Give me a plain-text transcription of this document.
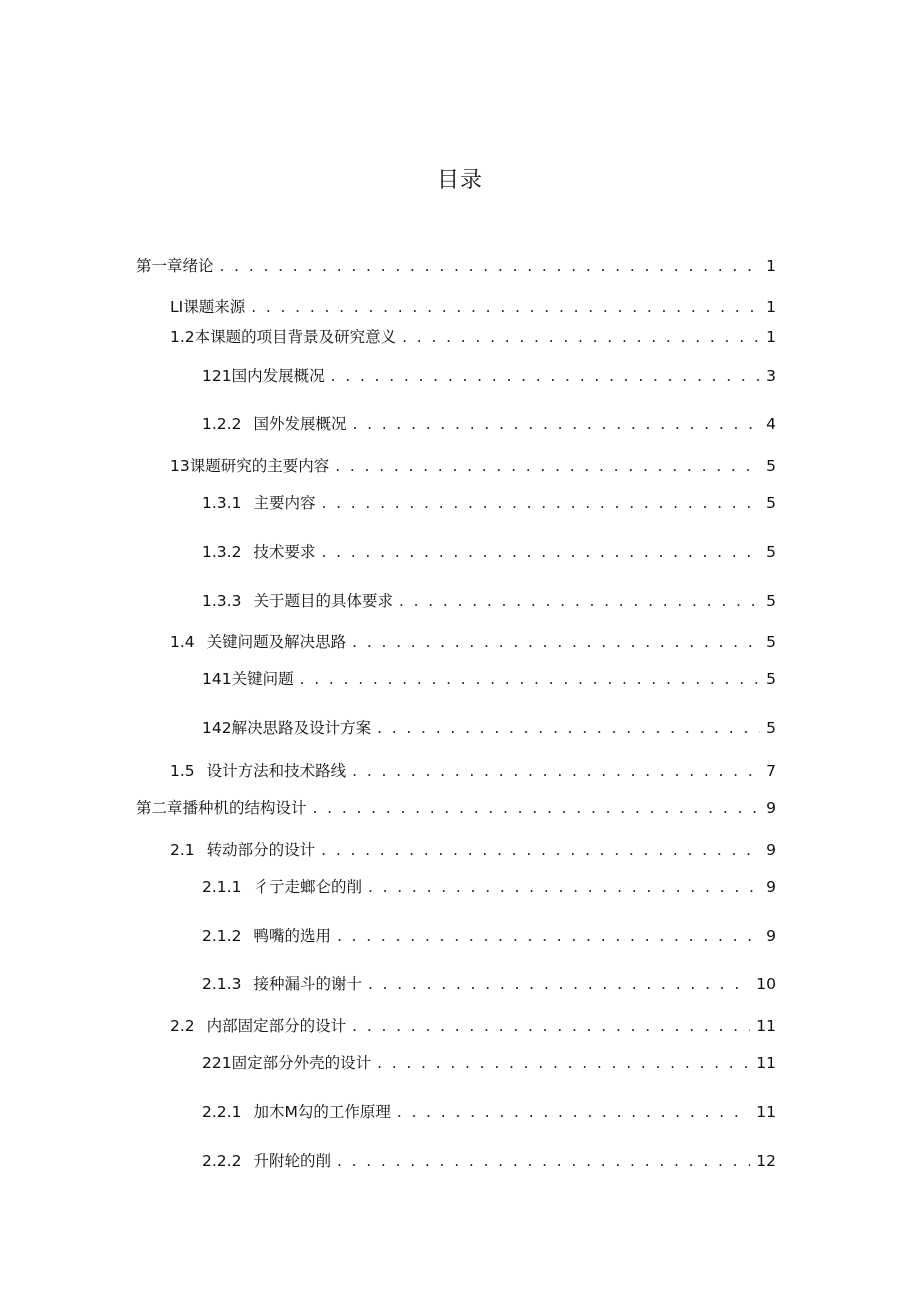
目录
第一章绪论 . . .	1
LI课题来源 . . .	1
1.2本课题的项目背景及研究意义 . . .	1
121国内发展概况 . . .	3
1.2.2 国外发展概况 . . .	4
13课题研究的主要内容 . . .	5
1.3.1 主要内容 . . .	5
1.3.2 技术要求 . . .	5
1.3.3 关于题目的具体要求 . . .	5
1.4 关键问题及解决思路 . . .	5
141关键问题 . . .	5
142解决思路及设计方案 . . .	5
1.5 设计方法和技术路线 . . .	7
第二章播种机的结构设计 . . .	9
2.1 转动部分的设计 . . .	9
2.1.1 彳亍走螂仑的削 . . .	9
2.1.2 鸭嘴的选用 . . .	9
2.1.3 接种漏斗的谢十 . . .	10
2.2 内部固定部分的设计 . . .	11
221固定部分外壳的设计 . . .	11
2.2.1 加木M勾的工作原理 . . .	11
2.2.2 升附轮的削 . . .	12
